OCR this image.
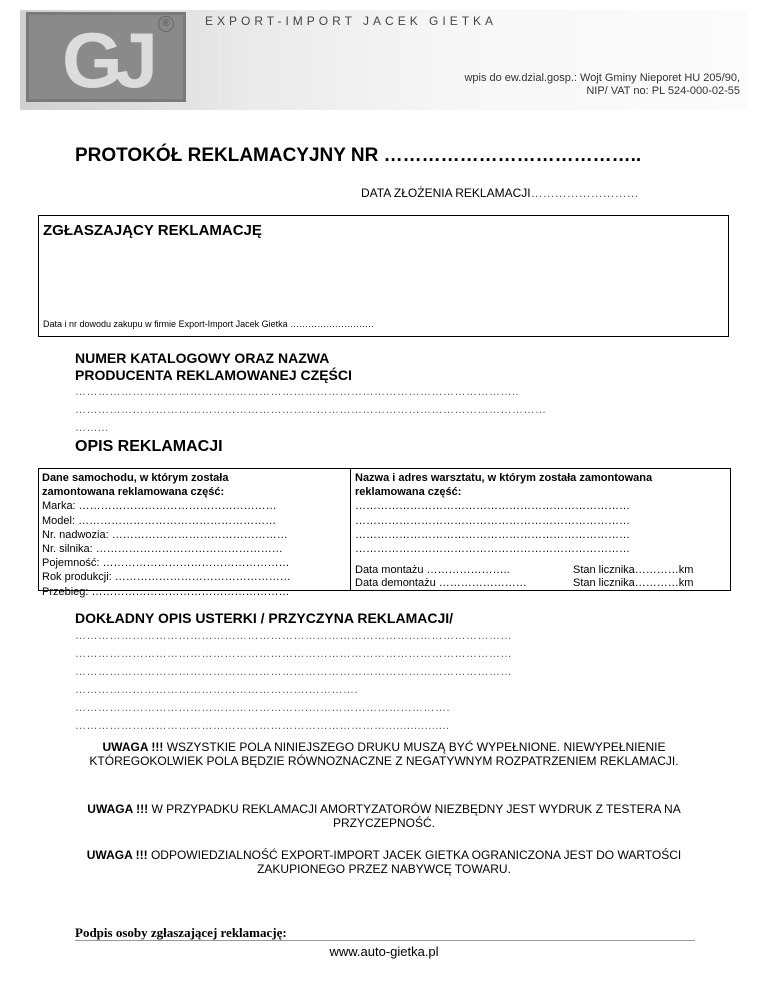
GJ	®	EXPORT-IMPORT JACEK GIETKA
wpis do ew.dzial.gosp.: Wojt Gminy Nieporet HU 205/90,
NIP/ VAT no: PL 524-000-02-55
PROTOKÓŁ REKLAMACYJNY NR …………………………………..
DATA ZŁOŻENIA REKLAMACJI………………………
ZGŁASZAJĄCY REKLAMACJĘ
Data i nr dowodu zakupu w firmie Export-Import Jacek Gietka ……………………….
NUMER KATALOGOWY ORAZ NAZWA
PRODUCENTA REKLAMOWANEJ CZĘŚCI
……………………………………………………………………………………………………..
……………………………………………………………………………………………………………
……...
OPIS REKLAMACJI
Dane samochodu, w którym została
zamontowana reklamowana część:
Marka: ………………………………………………
Model: ………………………………………………
Nr. nadwozia: …………………………………………
Nr. silnika: ……………………………………………
Pojemność: ……………………………………………
Rok produkcji: …………………………………………
Przebieg: ………………………………………………
Nazwa i adres warsztatu, w którym została zamontowana
reklamowana część:
…………………………………………………………………
…………………………………………………………………
…………………………………………………………………
…………………………………………………………………
Data montażu …………………..
Data demontażu ……………………
Stan licznika…………km
Stan licznika…………km
DOKŁADNY OPIS USTERKI / PRZYCZYNA REKLAMACJI/
……………………………………………………………………………………………………
……………………………………………………………………………………………………
……………………………………………………………………………………………………
…………………………………………………….………….
…………………………………………………….……………………………….
………………………………………………………………………..................
UWAGA !!! WSZYSTKIE POLA NINIEJSZEGO DRUKU MUSZĄ BYĆ WYPEŁNIONE. NIEWYPEŁNIENIE KTÓREGOKOLWIEK POLA BĘDZIE RÓWNOZNACZNE Z NEGATYWNYM ROZPATRZENIEM REKLAMACJI.
UWAGA !!! W PRZYPADKU REKLAMACJI AMORTYZATORÓW NIEZBĘDNY JEST WYDRUK Z TESTERA NA PRZYCZEPNOŚĆ.
UWAGA !!! ODPOWIEDZIALNOŚĆ EXPORT-IMPORT JACEK GIETKA OGRANICZONA JEST DO WARTOŚCI ZAKUPIONEGO PRZEZ NABYWCĘ TOWARU.
Podpis osoby zgłaszającej reklamację:
www.auto-gietka.pl
